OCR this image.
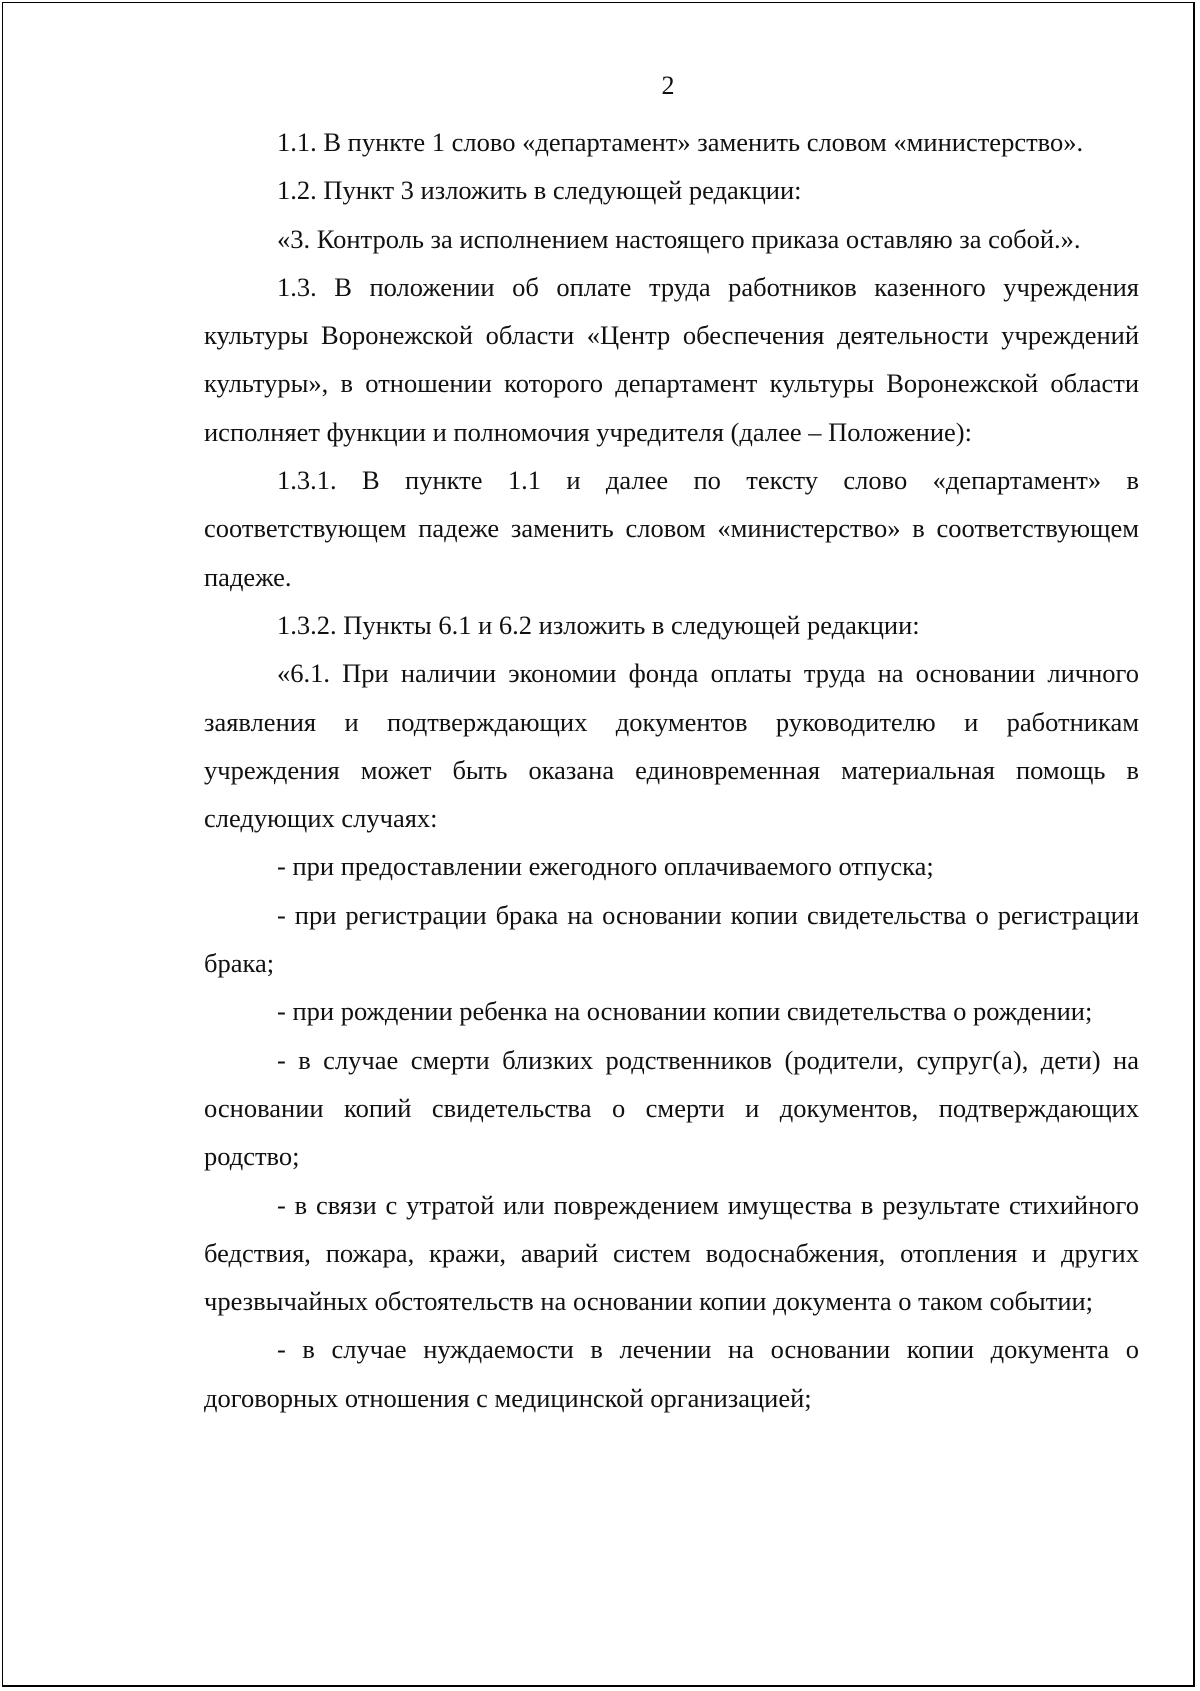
2

1.1. В пункте 1 слово «департамент» заменить словом «министерство».

1.2. Пункт 3 изложить в следующей редакции:

«3. Контроль за исполнением настоящего приказа оставляю за собой.».

1.3. В положении об оплате труда работников казенного учреждения культуры Воронежской области «Центр обеспечения деятельности учреждений культуры», в отношении которого департамент культуры Воронежской области исполняет функции и полномочия учредителя (далее – Положение):

1.3.1. В пункте 1.1 и далее по тексту слово «департамент» в соответствующем падеже заменить словом «министерство» в соответствующем падеже.

1.3.2. Пункты 6.1 и 6.2 изложить в следующей редакции:

«6.1. При наличии экономии фонда оплаты труда на основании личного заявления и подтверждающих документов руководителю и работникам учреждения может быть оказана единовременная материальная помощь в следующих случаях:

- при предоставлении ежегодного оплачиваемого отпуска;

- при регистрации брака на основании копии свидетельства о регистрации брака;

- при рождении ребенка на основании копии свидетельства о рождении;

- в случае смерти близких родственников (родители, супруг(а), дети) на основании копий свидетельства о смерти и документов, подтверждающих родство;

- в связи с утратой или повреждением имущества в результате стихийного бедствия, пожара, кражи, аварий систем водоснабжения, отопления и других чрезвычайных обстоятельств на основании копии документа о таком событии;

- в случае нуждаемости в лечении на основании копии документа о договорных отношения с медицинской организацией;
